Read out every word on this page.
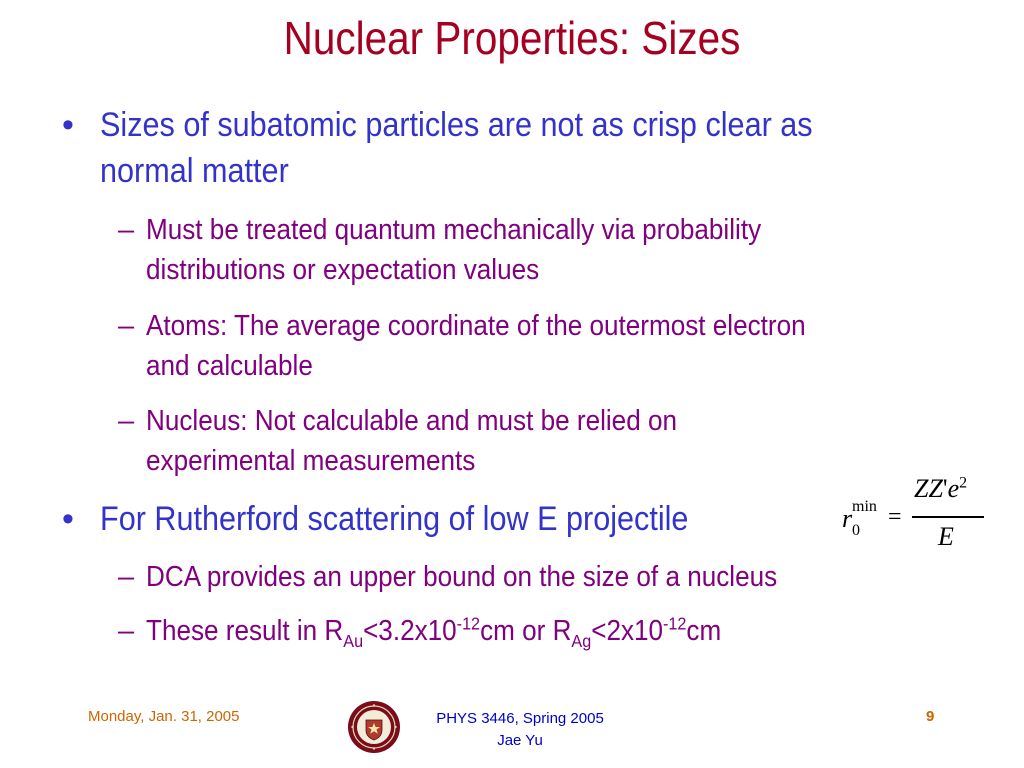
Nuclear Properties: Sizes
• Sizes of subatomic particles are not as crisp clear as
normal matter
– Must be treated quantum mechanically via probability
distributions or expectation values
– Atoms: The average coordinate of the outermost electron
and calculable
– Nucleus: Not calculable and must be relied on
experimental measurements
• For Rutherford scattering of low E projectile	r 0
min =
$ZZ'e^2$
E
– DCA provides an upper bound on the size of a nucleus
– These result in $R_{Au}<3.2x10^{-12}cm$ or $R_{Ag}<2x10^{-12}cm$
Monday, Jan. 31, 2005	PHYS 3446, Spring 2005
Jae Yu
9
